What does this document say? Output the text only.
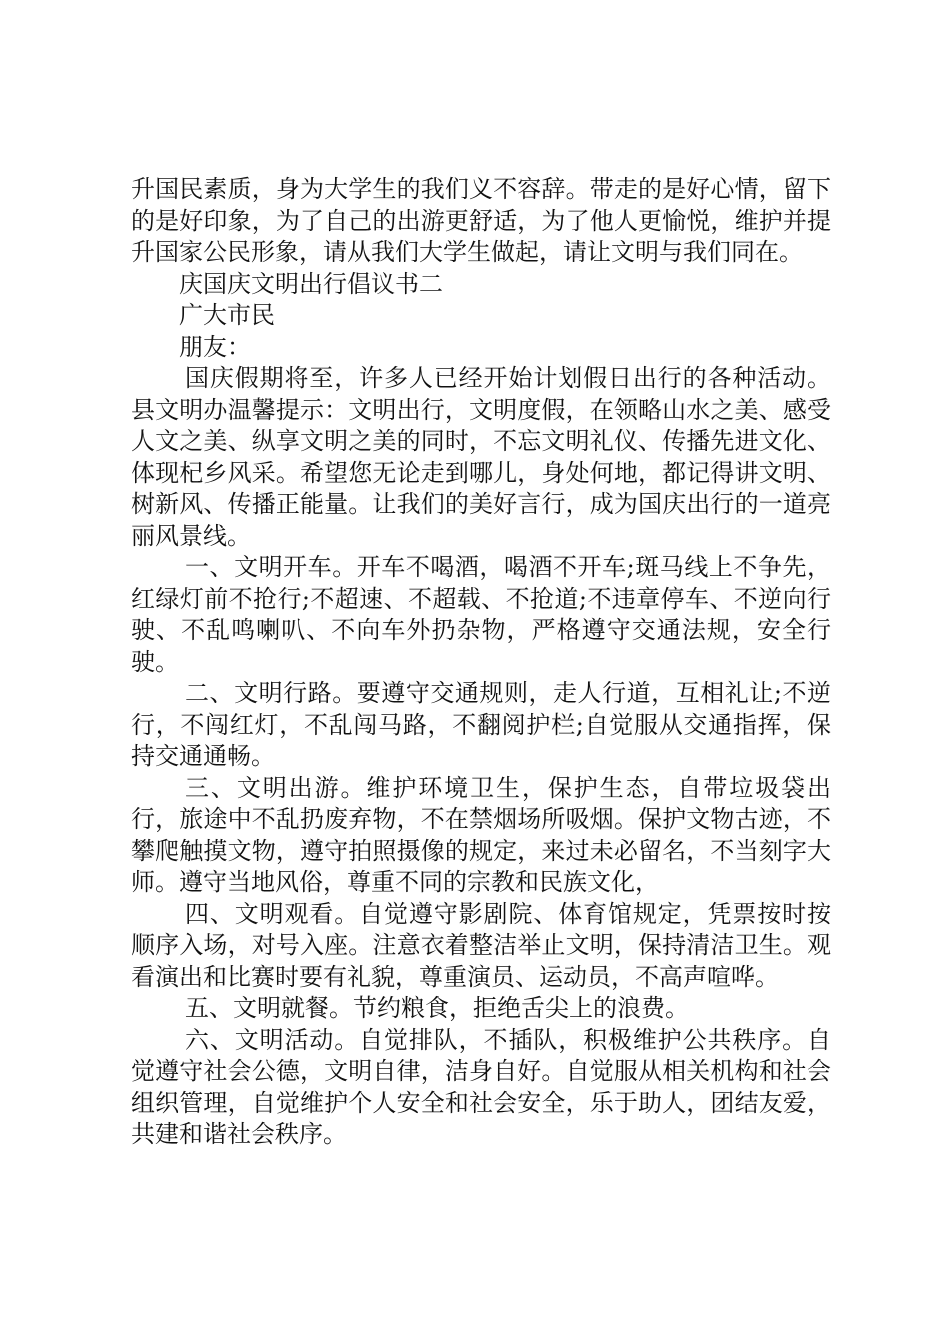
升国民素质，身为大学生的我们义不容辞。带走的是好心情，留下的是好印象，为了自己的出游更舒适，为了他人更愉悦，维护并提升国家公民形象，请从我们大学生做起，请让文明与我们同在。

庆国庆文明出行倡议书二

广大市民

朋友：

国庆假期将至，许多人已经开始计划假日出行的各种活动。县文明办温馨提示：文明出行，文明度假，在领略山水之美、感受人文之美、纵享文明之美的同时，不忘文明礼仪、传播先进文化、体现杞乡风采。希望您无论走到哪儿，身处何地，都记得讲文明、树新风、传播正能量。让我们的美好言行，成为国庆出行的一道亮丽风景线。

一、文明开车。开车不喝酒，喝酒不开车;斑马线上不争先，红绿灯前不抢行;不超速、不超载、不抢道;不违章停车、不逆向行驶、不乱鸣喇叭、不向车外扔杂物，严格遵守交通法规，安全行驶。

二、文明行路。要遵守交通规则，走人行道，互相礼让;不逆行，不闯红灯，不乱闯马路，不翻阅护栏;自觉服从交通指挥，保持交通通畅。

三、文明出游。维护环境卫生，保护生态，自带垃圾袋出行，旅途中不乱扔废弃物，不在禁烟场所吸烟。保护文物古迹，不攀爬触摸文物，遵守拍照摄像的规定，来过未必留名，不当刻字大师。遵守当地风俗，尊重不同的宗教和民族文化，

四、文明观看。自觉遵守影剧院、体育馆规定，凭票按时按顺序入场，对号入座。注意衣着整洁举止文明，保持清洁卫生。观看演出和比赛时要有礼貌，尊重演员、运动员，不高声喧哗。

五、文明就餐。节约粮食，拒绝舌尖上的浪费。

六、文明活动。自觉排队，不插队，积极维护公共秩序。自觉遵守社会公德，文明自律，洁身自好。自觉服从相关机构和社会组织管理，自觉维护个人安全和社会安全，乐于助人，团结友爱，共建和谐社会秩序。
